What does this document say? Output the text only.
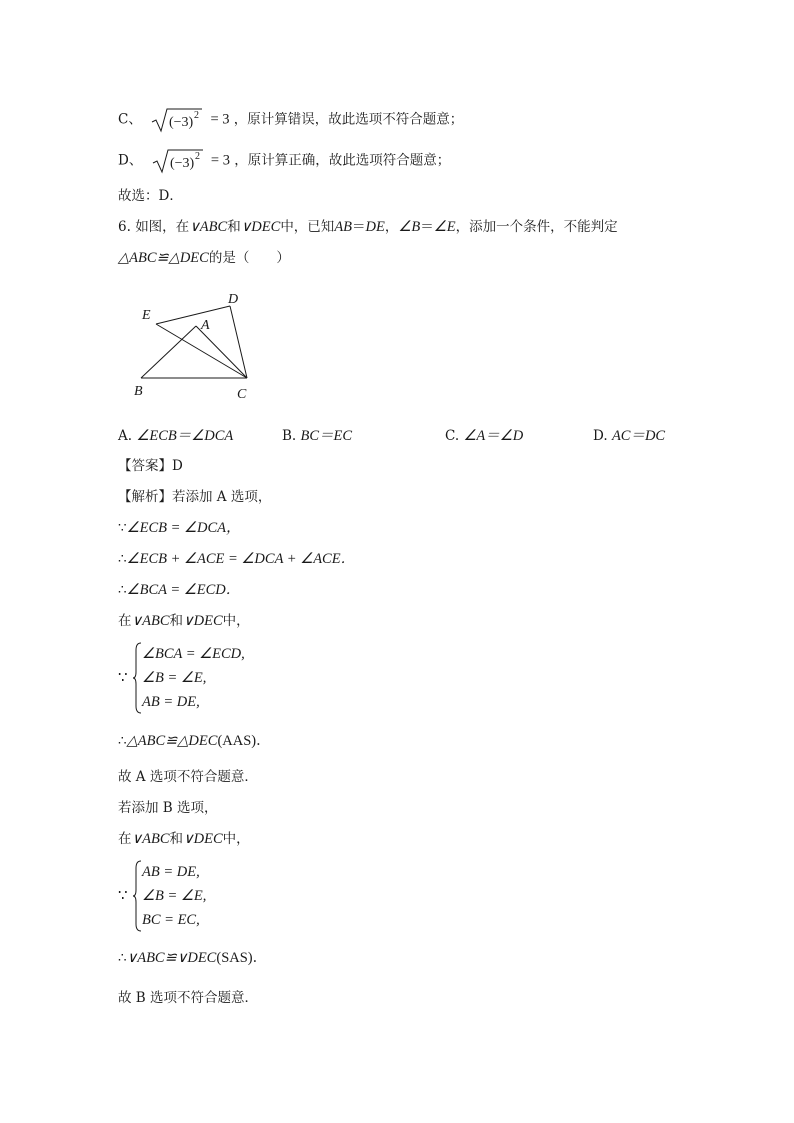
C、 (−3) 2 = 3 ，原计算错误，故此选项不符合题意；
D、 (−3) 2 = 3 ，原计算正确，故此选项符合题意；
故选：D．
6. 如图，在∨ABC和∨DEC中，已知AB＝DE，∠B＝∠E，添加一个条件，不能判定
△ABC≌△DEC的是（　　）
E
D
A
B	C
A. ∠ECB＝∠DCA	B. BC＝EC	C. ∠A＝∠D	D. AC＝DC
【答案】D
【解析】若添加 A 选项，
∵∠ECB = ∠DCA，
∴∠ECB + ∠ACE = ∠DCA + ∠ACE．
∴∠BCA = ∠ECD．
在∨ABC和∨DEC中，
∵
∠BCA = ∠ECD,
∠B = ∠E,
AB = DE,
∴△ABC≌△DEC(AAS)．
故 A 选项不符合题意．
若添加 B 选项，
在∨ABC和∨DEC中，
∵
AB = DE,
∠B = ∠E,
BC = EC,
∴∨ABC≌∨DEC(SAS)．
故 B 选项不符合题意．
